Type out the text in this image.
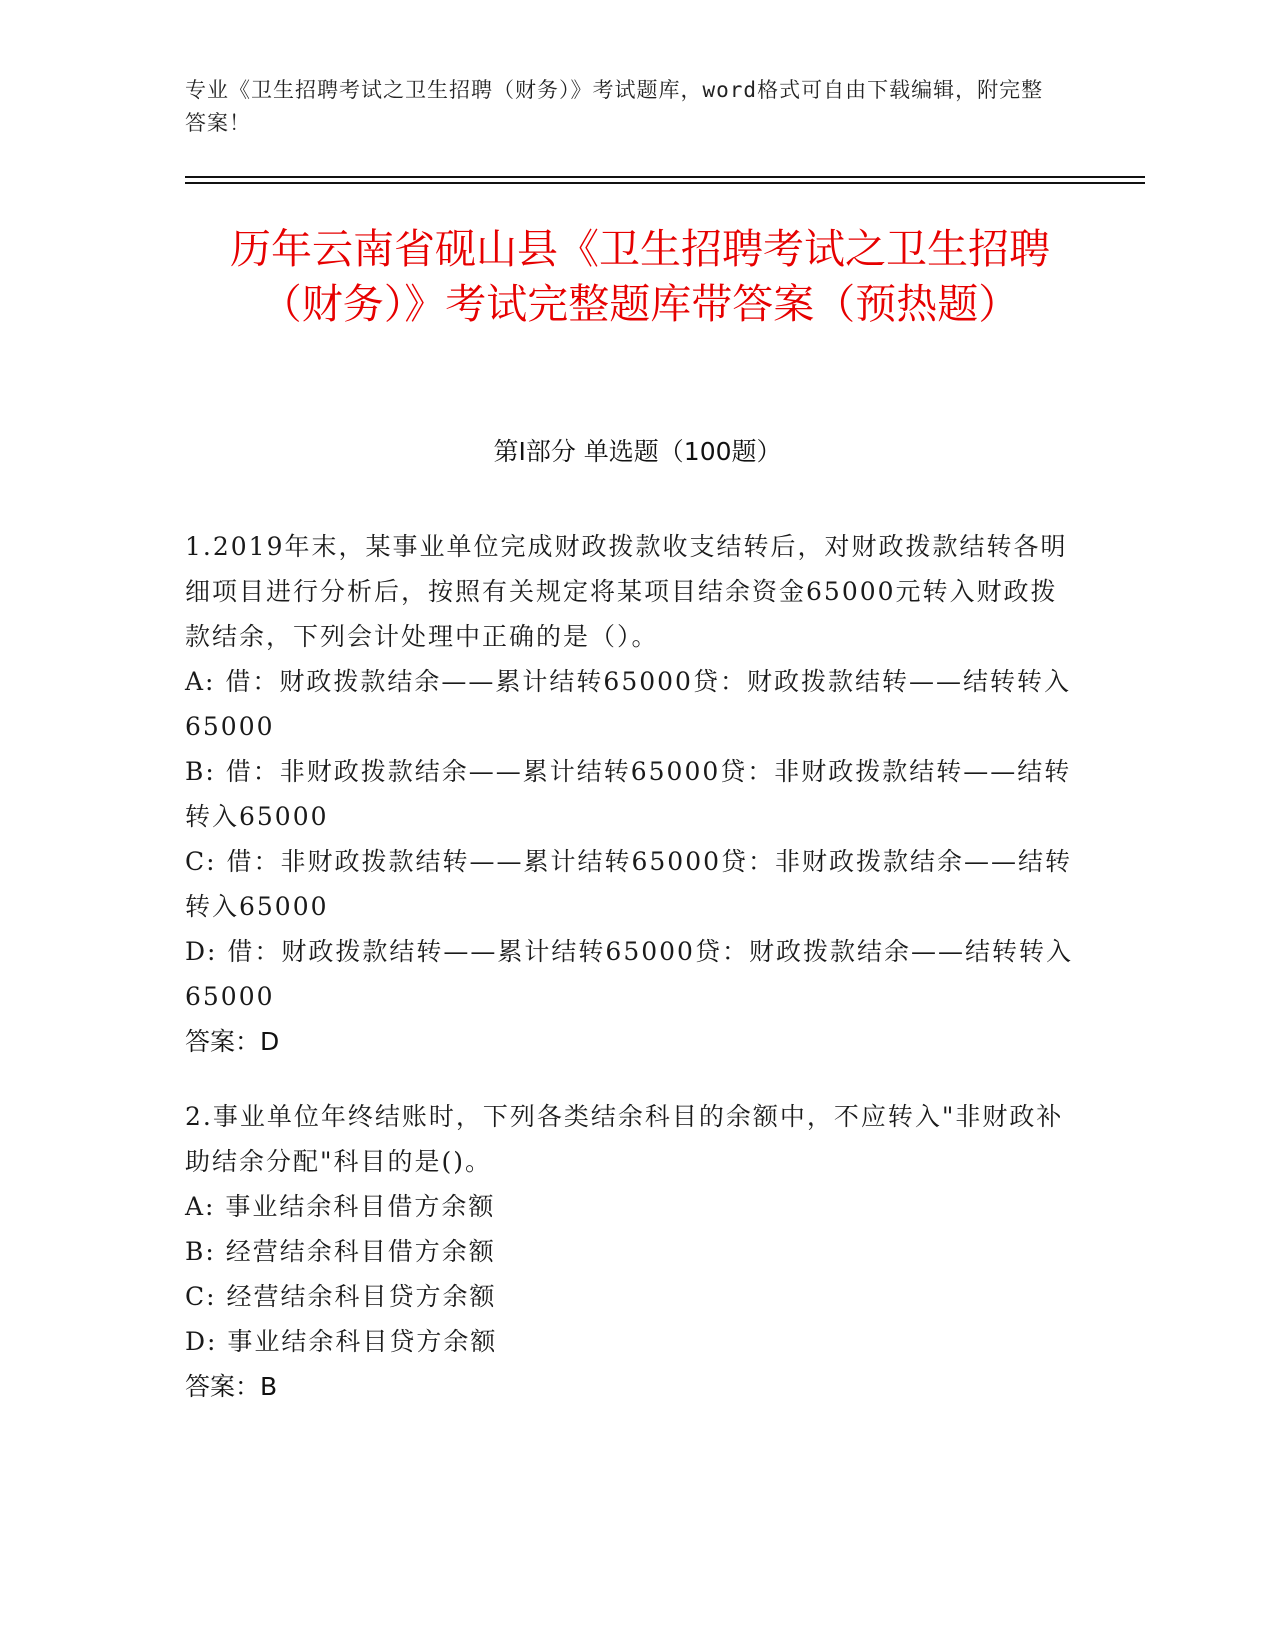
专业《卫生招聘考试之卫生招聘（财务）》考试题库，word格式可自由下载编辑，附完整答案！
历年云南省砚山县《卫生招聘考试之卫生招聘（财务）》考试完整题库带答案（预热题）
第I部分 单选题（100题）

1.2019年末，某事业单位完成财政拨款收支结转后，对财政拨款结转各明细项目进行分析后，按照有关规定将某项目结余资金65000元转入财政拨款结余，下列会计处理中正确的是（）。

A: 借：财政拨款结余——累计结转65000贷：财政拨款结转——结转转入65000

B: 借：非财政拨款结余——累计结转65000贷：非财政拨款结转——结转转入65000

C: 借：非财政拨款结转——累计结转65000贷：非财政拨款结余——结转转入65000

D: 借：财政拨款结转——累计结转65000贷：财政拨款结余——结转转入65000

答案：D

2.事业单位年终结账时，下列各类结余科目的余额中，不应转入"非财政补助结余分配"科目的是()。

A: 事业结余科目借方余额

B: 经营结余科目借方余额

C: 经营结余科目贷方余额

D: 事业结余科目贷方余额

答案：B
